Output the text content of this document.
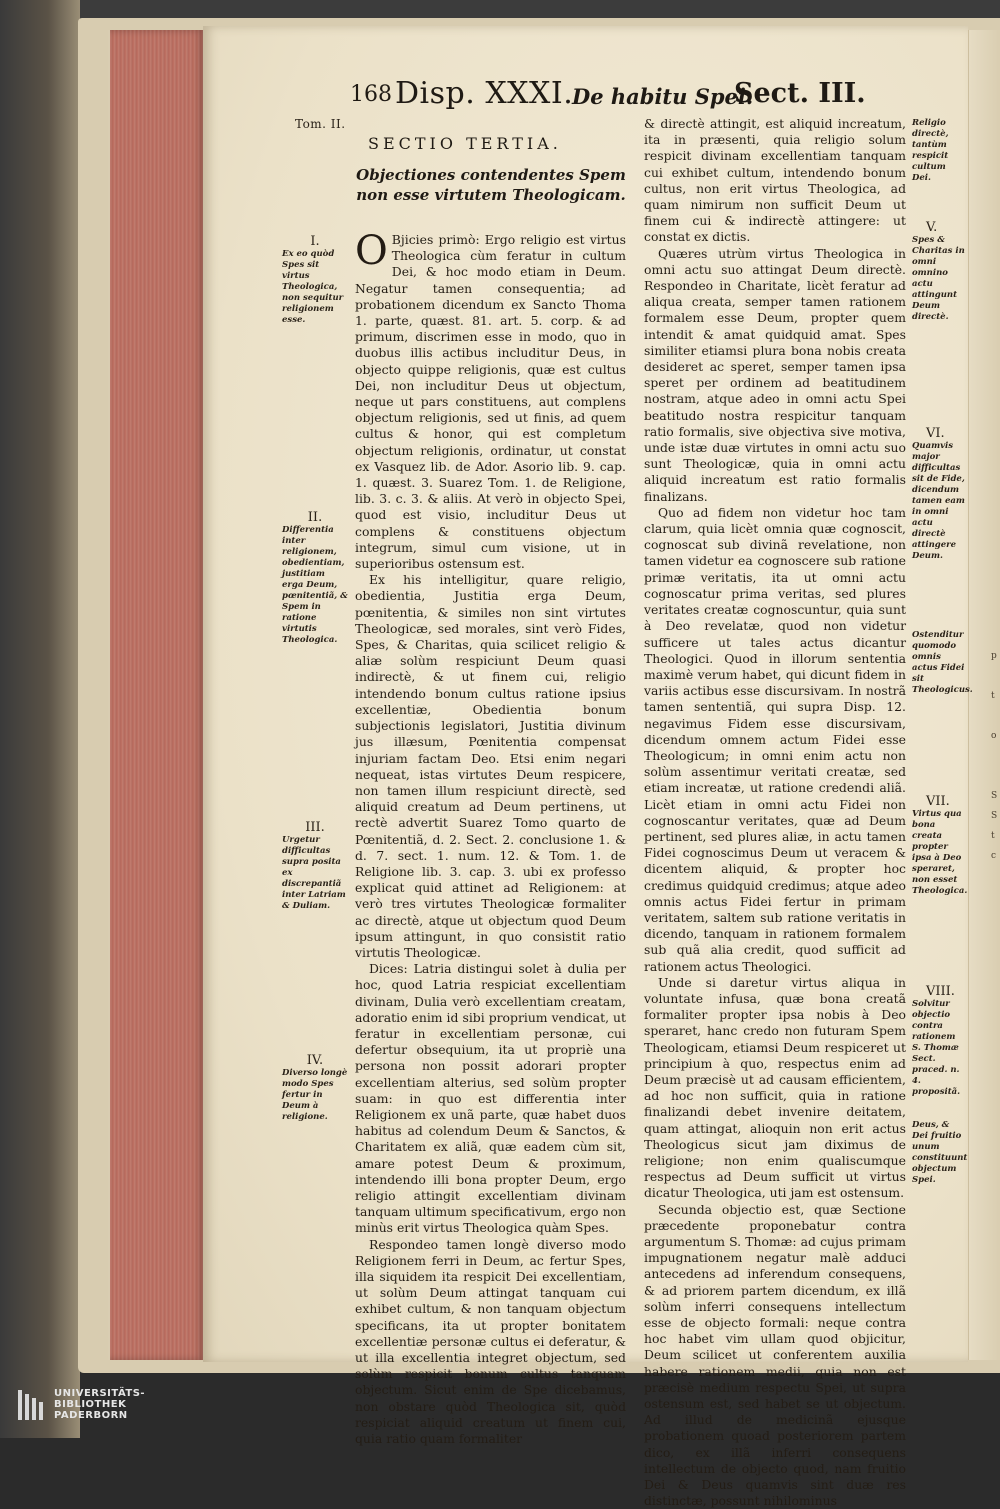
p
t
o
S
S
t
c
168 Disp. XXXI.
De habitu Spei.
Sect. III.
Tom. II.
SECTIO TERTIA.
Objectiones contendentes Spem non esse virtutem Theologicam.
I.
Ex eo quòd Spes sit virtus Theologica, non sequitur religionem esse.
II.
Differentia inter religionem, obedientiam, justitiam erga Deum, pœnitentiã, & Spem in ratione virtutis Theologica.
III.
Urgetur difficultas supra posita ex discrepantiã inter Latriam & Duliam.
IV.
Diverso longè modo Spes fertur in Deum à religione.
Religio directè, tantùm respicit cultum Dei.
V.
Spes & Charitas in omni omnino actu attingunt Deum directè.
VI.
Quamvis major difficultas sit de Fide, dicendum tamen eam in omni actu directè attingere Deum.
Ostenditur quomodo omnis actus Fidei sit Theologicus.
VII.
Virtus qua bona creata propter ipsa à Deo speraret, non esset Theologica.
VIII.
Solvitur objectio contra rationem S. Thomæ Sect. praced. n. 4. propositã.
Deus, & Dei fruitio unum constituunt objectum Spei.

O Bjicies primò: Ergo religio est virtus Theologica cùm feratur in cultum Dei, & hoc modo etiam in Deum. Negatur tamen consequentia; ad probationem dicendum ex Sancto Thoma 1. parte, quæst. 81. art. 5. corp. & ad primum, discrimen esse in modo, quo in duobus illis actibus includitur Deus, in objecto quippe religionis, quæ est cultus Dei, non includitur Deus ut objectum, neque ut pars constituens, aut complens objectum religionis, sed ut finis, ad quem cultus & honor, qui est completum objectum religionis, ordinatur, ut constat ex Vasquez lib. de Ador. Asorio lib. 9. cap. 1. quæst. 3. Suarez Tom. 1. de Religione, lib. 3. c. 3. & aliis. At verò in objecto Spei, quod est visio, includitur Deus ut complens & constituens objectum integrum, simul cum visione, ut in superioribus ostensum est.

Ex his intelligitur, quare religio, obedientia, Justitia erga Deum, pœnitentia, & similes non sint virtutes Theologicæ, sed morales, sint verò Fides, Spes, & Charitas, quia scilicet religio & aliæ solùm respiciunt Deum quasi indirectè, & ut finem cui, religio intendendo bonum cultus ratione ipsius excellentiæ, Obedientia bonum subjectionis legislatori, Justitia divinum jus illæsum, Pœnitentia compensat injuriam factam Deo. Etsi enim negari nequeat, istas virtutes Deum respicere, non tamen illum respiciunt directè, sed aliquid creatum ad Deum pertinens, ut rectè advertit Suarez Tomo quarto de Pœnitentiã, d. 2. Sect. 2. conclusione 1. & d. 7. sect. 1. num. 12. & Tom. 1. de Religione lib. 3. cap. 3. ubi ex professo explicat quid attinet ad Religionem: at verò tres virtutes Theologicæ formaliter ac directè, atque ut objectum quod Deum ipsum attingunt, in quo consistit ratio virtutis Theologicæ.

Dices: Latria distingui solet à dulia per hoc, quod Latria respiciat excellentiam divinam, Dulia verò excellentiam creatam, adoratio enim id sibi proprium vendicat, ut feratur in excellentiam personæ, cui defertur obsequium, ita ut propriè una persona non possit adorari propter excellentiam alterius, sed solùm propter suam: in quo est differentia inter Religionem ex unã parte, quæ habet duos habitus ad colendum Deum & Sanctos, & Charitatem ex aliã, quæ eadem cùm sit, amare potest Deum & proximum, intendendo illi bona propter Deum, ergo religio attingit excellentiam divinam tanquam ultimum specificativum, ergo non minùs erit virtus Theologica quàm Spes.

Respondeo tamen longè diverso modo Religionem ferri in Deum, ac fertur Spes, illa siquidem ita respicit Dei excellentiam, ut solùm Deum attingat tanquam cui exhibet cultum, & non tanquam objectum specificans, ita ut propter bonitatem excellentiæ personæ cultus ei deferatur, & ut illa excellentia integret objectum, sed solùm respicit bonum cultus tanquam objectum. Sicut enim de Spe dicebamus, non obstare quòd Theologica sit, quòd respiciat aliquid creatum ut finem cui, quia ratio quam formaliter

& directè attingit, est aliquid increatum, ita in præsenti, quia religio solum respicit divinam excellentiam tanquam cui exhibet cultum, intendendo bonum cultus, non erit virtus Theologica, ad quam nimirum non sufficit Deum ut finem cui & indirectè attingere: ut constat ex dictis.

Quæres utrùm virtus Theologica in omni actu suo attingat Deum directè. Respondeo in Charitate, licèt feratur ad aliqua creata, semper tamen rationem formalem esse Deum, propter quem intendit & amat quidquid amat. Spes similiter etiamsi plura bona nobis creata desideret ac speret, semper tamen ipsa speret per ordinem ad beatitudinem nostram, atque adeo in omni actu Spei beatitudo nostra respicitur tanquam ratio formalis, sive objectiva sive motiva, unde istæ duæ virtutes in omni actu suo sunt Theologicæ, quia in omni actu aliquid increatum est ratio formalis finalizans.

Quo ad fidem non videtur hoc tam clarum, quia licèt omnia quæ cognoscit, cognoscat sub divinã revelatione, non tamen videtur ea cognoscere sub ratione primæ veritatis, ita ut omni actu cognoscatur prima veritas, sed plures veritates creatæ cognoscuntur, quia sunt à Deo revelatæ, quod non videtur sufficere ut tales actus dicantur Theologici. Quod in illorum sententia maximè verum habet, qui dicunt fidem in variis actibus esse discursivam. In nostrã tamen sententiã, qui supra Disp. 12. negavimus Fidem esse discursivam, dicendum omnem actum Fidei esse Theologicum; in omni enim actu non solùm assentimur veritati creatæ, sed etiam increatæ, ut ratione credendi aliã. Licèt etiam in omni actu Fidei non cognoscantur veritates, quæ ad Deum pertinent, sed plures aliæ, in actu tamen Fidei cognoscimus Deum ut veracem & dicentem aliquid, & propter hoc credimus quidquid credimus; atque adeo omnis actus Fidei fertur in primam veritatem, saltem sub ratione veritatis in dicendo, tanquam in rationem formalem sub quã alia credit, quod sufficit ad rationem actus Theologici.

Unde si daretur virtus aliqua in voluntate infusa, quæ bona creatã formaliter propter ipsa nobis à Deo speraret, hanc credo non futuram Spem Theologicam, etiamsi Deum respiceret ut principium à quo, respectus enim ad Deum præcisè ut ad causam efficientem, ad hoc non sufficit, quia in ratione finalizandi debet invenire deitatem, quam attingat, alioquin non erit actus Theologicus sicut jam diximus de religione; non enim qualiscumque respectus ad Deum sufficit ut virtus dicatur Theologica, uti jam est ostensum.

Secunda objectio est, quæ Sectione præcedente proponebatur contra argumentum S. Thomæ: ad cujus primam impugnationem negatur malè adduci antecedens ad inferendum consequens, & ad priorem partem dicendum, ex illã solùm inferri consequens intellectum esse de objecto formali: neque contra hoc habet vim ullam quod objicitur, Deum scilicet ut conferentem auxilia habere rationem medii, quia non est præcisè medium respectu Spei, ut supra ostensum est, sed habet se ut objectum. Ad illud de medicinã ejusque probationem quoad posteriorem partem dico, ex illã inferri consequens intellectum de objecto quod, nam fruitio Dei & Deus quamvis sint duæ res distinctæ, possunt nihilominus

UNIVERSITÄTS-
BIBLIOTHEK
PADERBORN
